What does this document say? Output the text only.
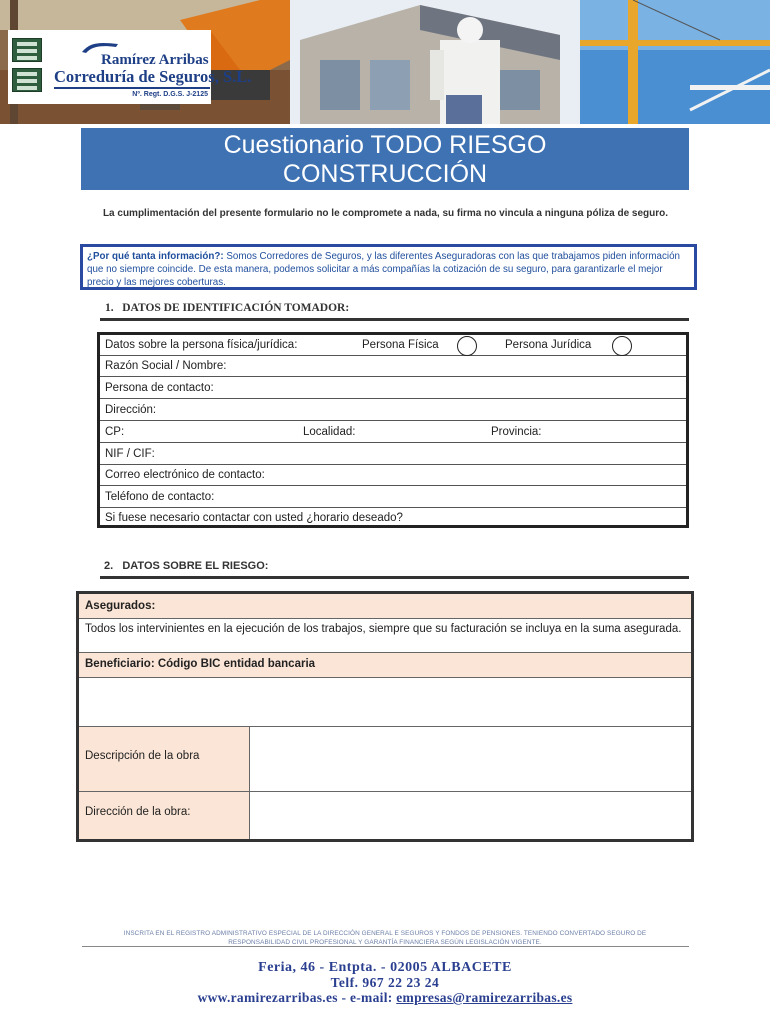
Ramírez Arribas
Correduría de Seguros, S.L.
Nº. Regt. D.G.S. J-2125
Cuestionario TODO RIESGO
CONSTRUCCIÓN
La cumplimentación del presente formulario no le compromete a nada, su firma no vincula a ninguna póliza de seguro.
¿Por qué tanta información?: Somos Corredores de Seguros, y las diferentes Aseguradoras con las que trabajamos piden información que no siempre coincide. De esta manera, podemos solicitar a más compañías la cotización de su seguro, para garantizarle el mejor precio y las mejores coberturas.
1. DATOS DE IDENTIFICACIÓN TOMADOR:
Datos sobre la persona física/jurídica:	Persona Física	Persona Jurídica
Razón Social / Nombre:
Persona de contacto:
Dirección:
CP:	Localidad:	Provincia:
NIF / CIF:
Correo electrónico de contacto:
Teléfono de contacto:
Si fuese necesario contactar con usted ¿horario deseado?
2. DATOS SOBRE EL RIESGO:
Asegurados:
Todos los intervinientes en la ejecución de los trabajos, siempre que su facturación se incluya en la suma asegurada.
Beneficiario: Código BIC entidad bancaria
Descripción de la obra
Dirección de la obra:
INSCRITA EN EL REGISTRO ADMINISTRATIVO ESPECIAL DE LA DIRECCIÓN GENERAL E SEGUROS Y FONDOS DE PENSIONES. TENIENDO CONVERTADO SEGURO DE
RESPONSABILIDAD CIVIL PROFESIONAL Y GARANTÍA FINANCIERA SEGÚN LEGISLACIÓN VIGENTE.
Feria, 46 - Entpta. - 02005 ALBACETE
Telf. 967 22 23 24
www.ramirezarribas.es - e-mail: empresas@ramirezarribas.es
